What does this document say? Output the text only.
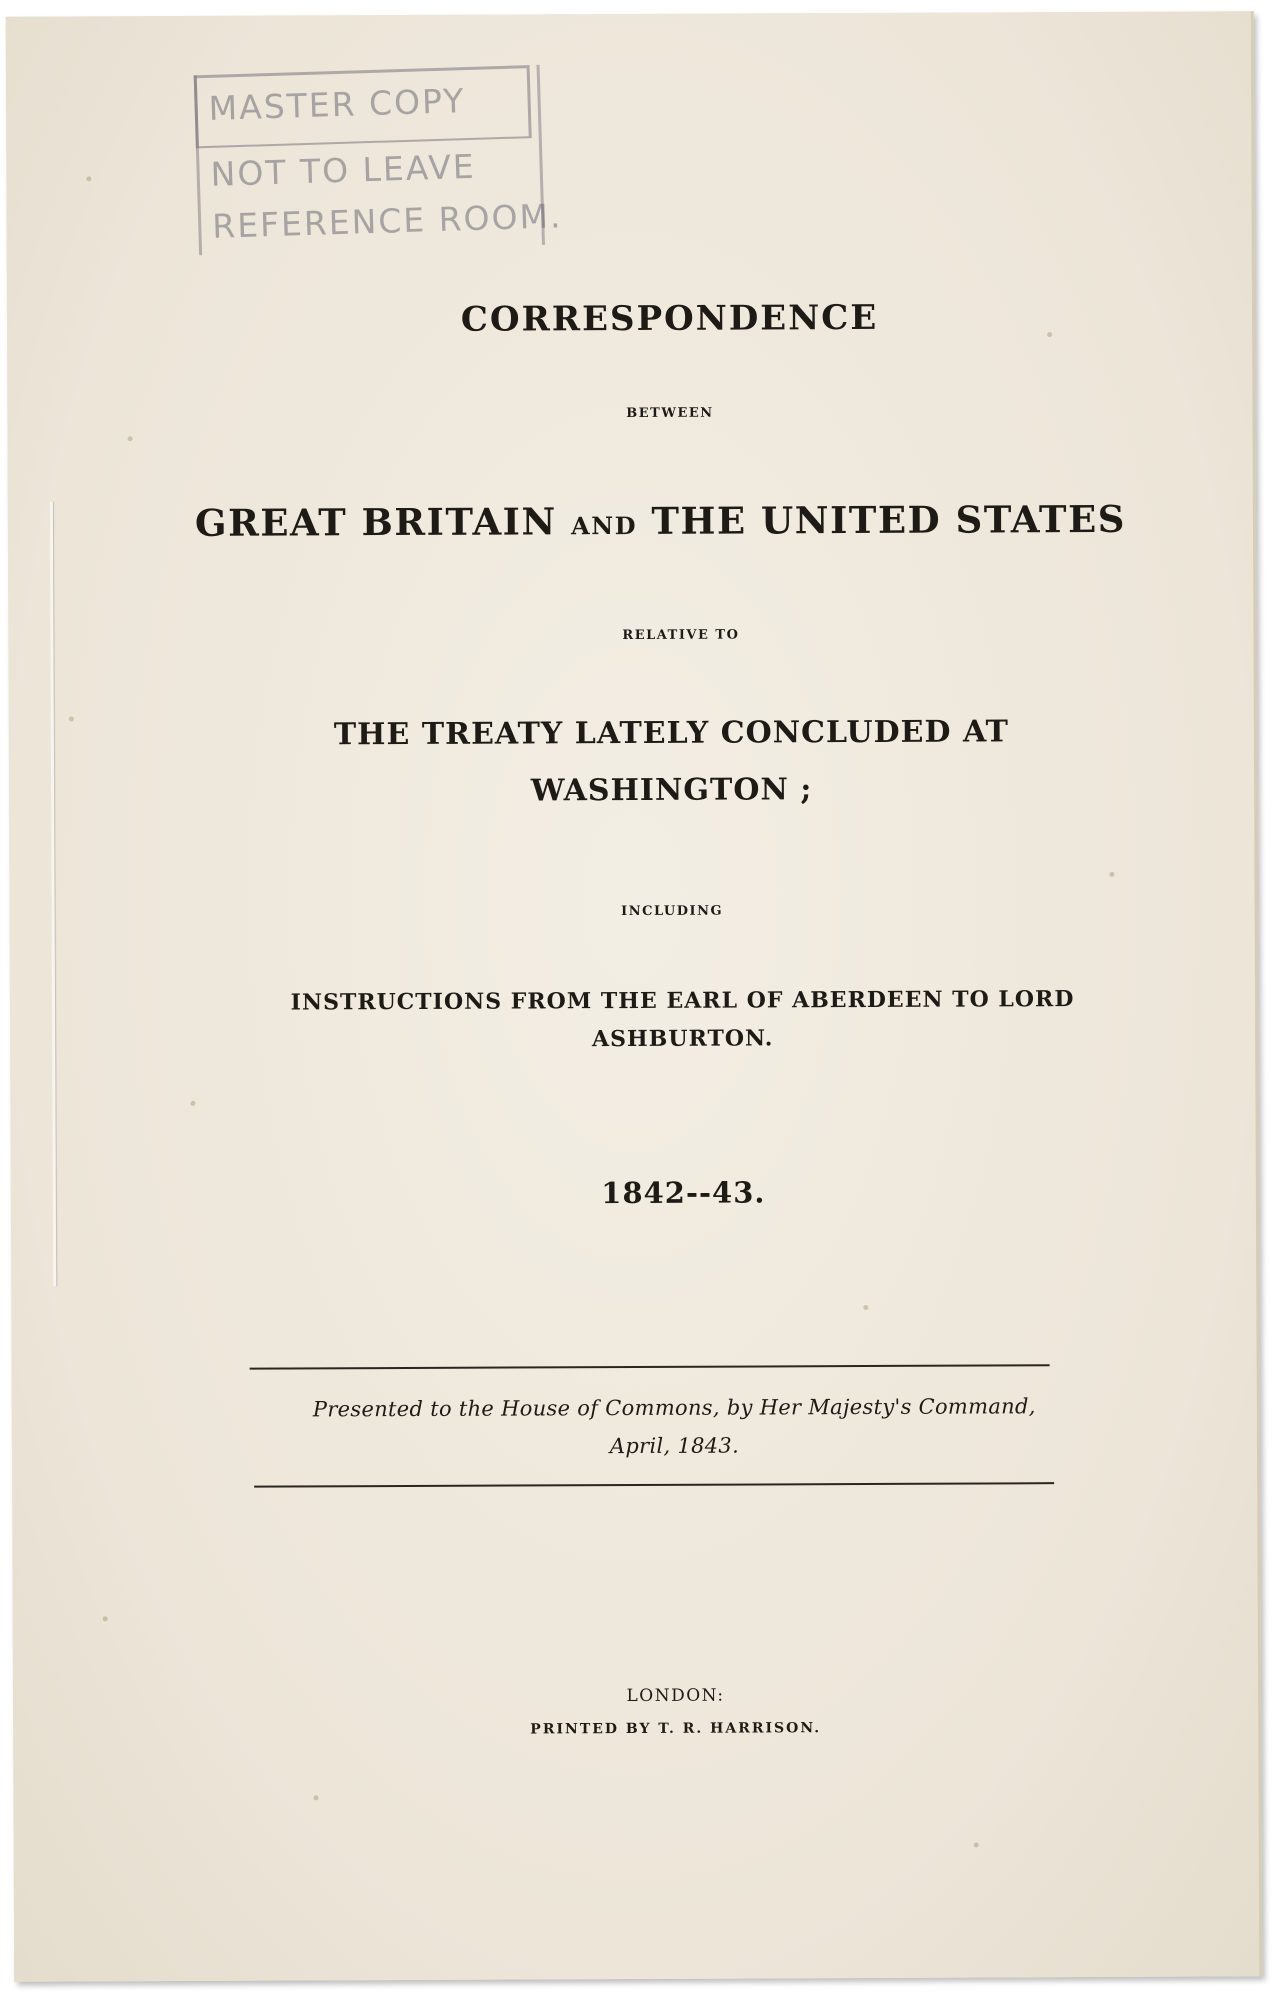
MASTER COPY
NOT TO LEAVE
REFERENCE ROOM.
CORRESPONDENCE
BETWEEN
GREAT BRITAIN AND THE UNITED STATES
RELATIVE TO
THE TREATY LATELY CONCLUDED AT
WASHINGTON ;
INCLUDING
INSTRUCTIONS FROM THE EARL OF ABERDEEN TO LORD
ASHBURTON.
1842--43.
Presented to the House of Commons, by Her Majesty's Command,
April, 1843.
LONDON:
PRINTED BY T. R. HARRISON.
